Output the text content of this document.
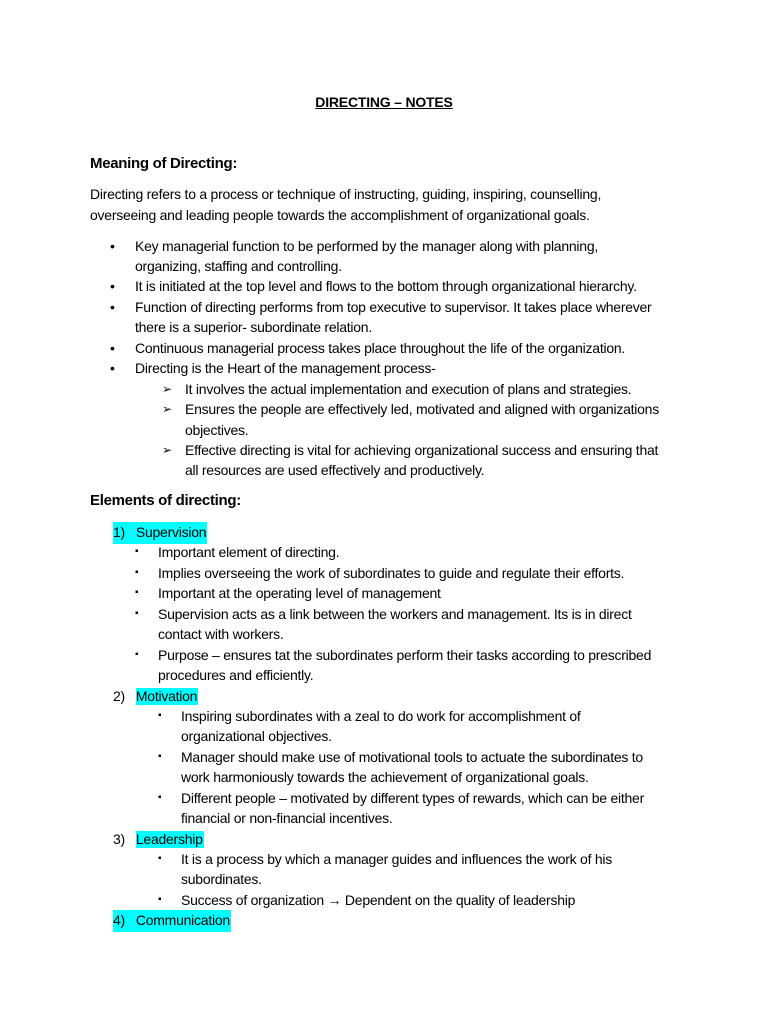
DIRECTING – NOTES
Meaning of Directing:
Directing refers to a process or technique of instructing, guiding, inspiring, counselling,
overseeing and leading people towards the accomplishment of organizational goals.
• Key managerial function to be performed by the manager along with planning,
organizing, staffing and controlling.
• It is initiated at the top level and flows to the bottom through organizational hierarchy.
• Function of directing performs from top executive to supervisor. It takes place wherever
there is a superior- subordinate relation.
• Continuous managerial process takes place throughout the life of the organization.
• Directing is the Heart of the management process-
➢ It involves the actual implementation and execution of plans and strategies.
➢ Ensures the people are effectively led, motivated and aligned with organizations
objectives.
➢ Effective directing is vital for achieving organizational success and ensuring that
all resources are used effectively and productively.
Elements of directing:
1) Supervision
▪ Important element of directing.
▪ Implies overseeing the work of subordinates to guide and regulate their efforts.
▪ Important at the operating level of management
▪ Supervision acts as a link between the workers and management. Its is in direct
contact with workers.
▪ Purpose – ensures tat the subordinates perform their tasks according to prescribed
procedures and efficiently.
2) Motivation
▪ Inspiring subordinates with a zeal to do work for accomplishment of
organizational objectives.
▪ Manager should make use of motivational tools to actuate the subordinates to
work harmoniously towards the achievement of organizational goals.
▪ Different people – motivated by different types of rewards, which can be either
financial or non-financial incentives.
3) Leadership
▪ It is a process by which a manager guides and influences the work of his
subordinates.
▪ Success of organization → Dependent on the quality of leadership
4) Communication
